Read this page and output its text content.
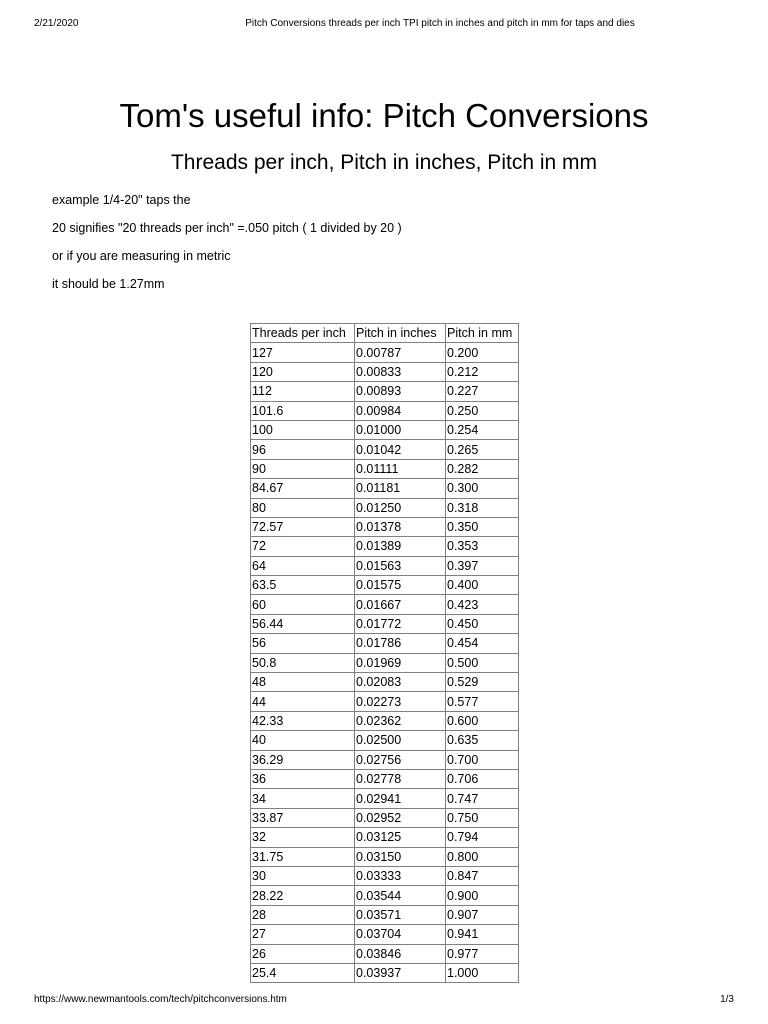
2/21/2020	Pitch Conversions threads per inch TPI pitch in inches and pitch in mm for taps and dies
Tom's useful info: Pitch Conversions
Threads per inch, Pitch in inches, Pitch in mm

example 1/4-20" taps the

20 signifies "20 threads per inch" =.050 pitch ( 1 divided by 20 )

or if you are measuring in metric

it should be 1.27mm

Threads per inch	Pitch in inches	Pitch in mm
127	0.00787	0.200
120	0.00833	0.212
112	0.00893	0.227
101.6	0.00984	0.250
100	0.01000	0.254
96	0.01042	0.265
90	0.01111	0.282
84.67	0.01181	0.300
80	0.01250	0.318
72.57	0.01378	0.350
72	0.01389	0.353
64	0.01563	0.397
63.5	0.01575	0.400
60	0.01667	0.423
56.44	0.01772	0.450
56	0.01786	0.454
50.8	0.01969	0.500
48	0.02083	0.529
44	0.02273	0.577
42.33	0.02362	0.600
40	0.02500	0.635
36.29	0.02756	0.700
36	0.02778	0.706
34	0.02941	0.747
33.87	0.02952	0.750
32	0.03125	0.794
31.75	0.03150	0.800
30	0.03333	0.847
28.22	0.03544	0.900
28	0.03571	0.907
27	0.03704	0.941
26	0.03846	0.977
25.4	0.03937	1.000
https://www.newmantools.com/tech/pitchconversions.htm	1/3
